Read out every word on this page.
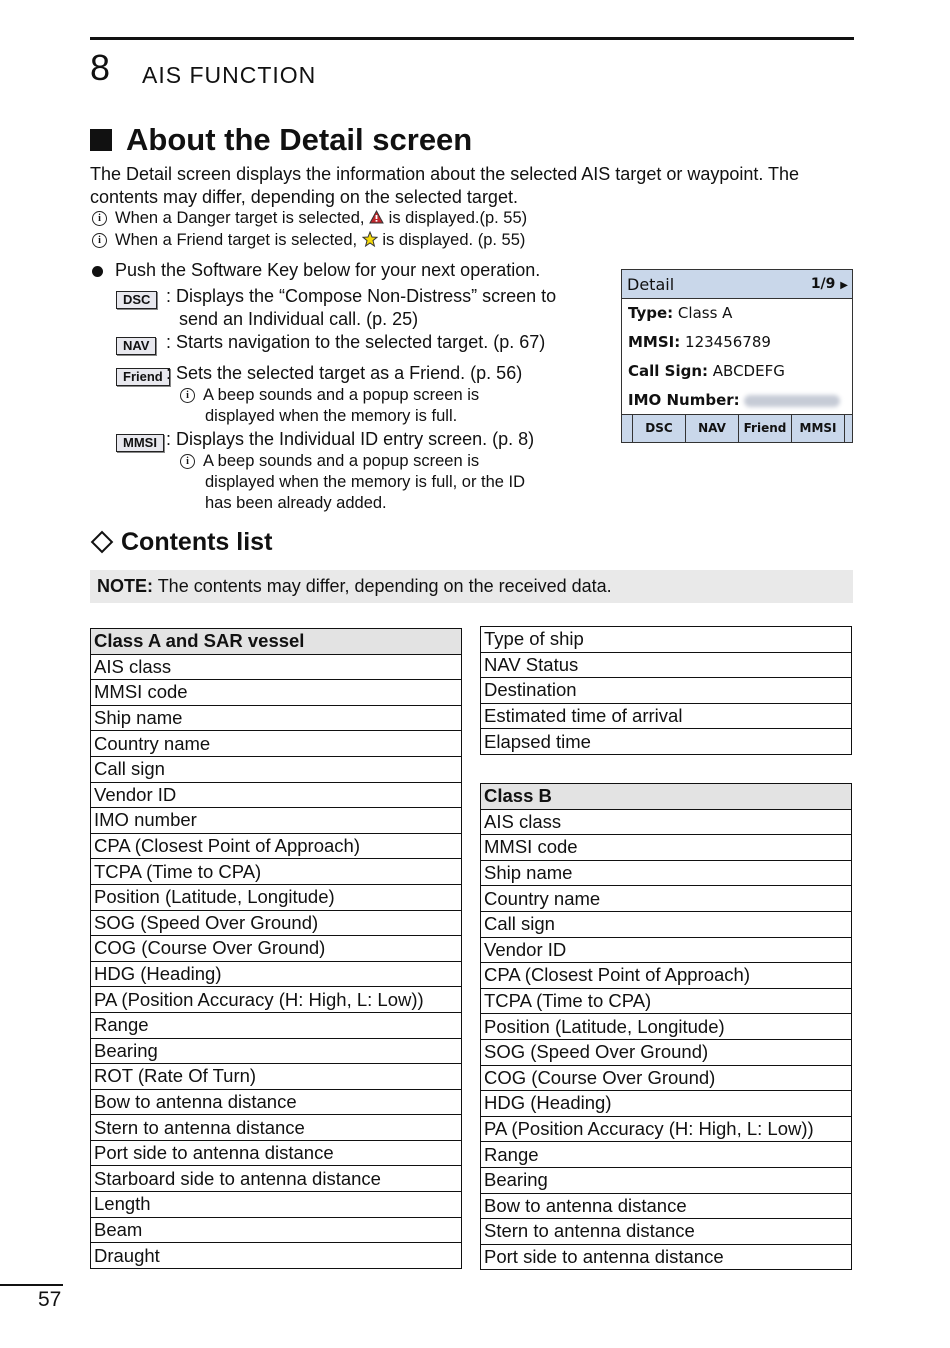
8 AIS FUNCTION
About the Detail screen
The Detail screen displays the information about the selected AIS target or waypoint. The
contents may differ, depending on the selected target.
i When a Danger target is selected, is displayed.(p. 55)
i When a Friend target is selected, is displayed. (p. 55)
Push the Software Key below for your next operation.
DSC : Displays the “Compose Non-Distress” screen to
send an Individual call. (p. 25)
NAV : Starts navigation to the selected target. (p. 67)
Friend : Sets the selected target as a Friend. (p. 56)
i A beep sounds and a popup screen is
displayed when the memory is full.
MMSI : Displays the Individual ID entry screen. (p. 8)
i A beep sounds and a popup screen is
displayed when the memory is full, or the ID
has been already added.
Detail	1/9 ▶
Type: Class A
MMSI: 123456789
Call Sign: ABCDEFG
IMO Number:
DSC	NAV	Friend	MMSI
Contents list
NOTE: The contents may differ, depending on the received data.
Class A and SAR vessel
AIS class
MMSI code
Ship name
Country name
Call sign
Vendor ID
IMO number
CPA (Closest Point of Approach)
TCPA (Time to CPA)
Position (Latitude, Longitude)
SOG (Speed Over Ground)
COG (Course Over Ground)
HDG (Heading)
PA (Position Accuracy (H: High, L: Low))
Range
Bearing
ROT (Rate Of Turn)
Bow to antenna distance
Stern to antenna distance
Port side to antenna distance
Starboard side to antenna distance
Length
Beam
Draught
Type of ship
NAV Status
Destination
Estimated time of arrival
Elapsed time
Class B
AIS class
MMSI code
Ship name
Country name
Call sign
Vendor ID
CPA (Closest Point of Approach)
TCPA (Time to CPA)
Position (Latitude, Longitude)
SOG (Speed Over Ground)
COG (Course Over Ground)
HDG (Heading)
PA (Position Accuracy (H: High, L: Low))
Range
Bearing
Bow to antenna distance
Stern to antenna distance
Port side to antenna distance
57
